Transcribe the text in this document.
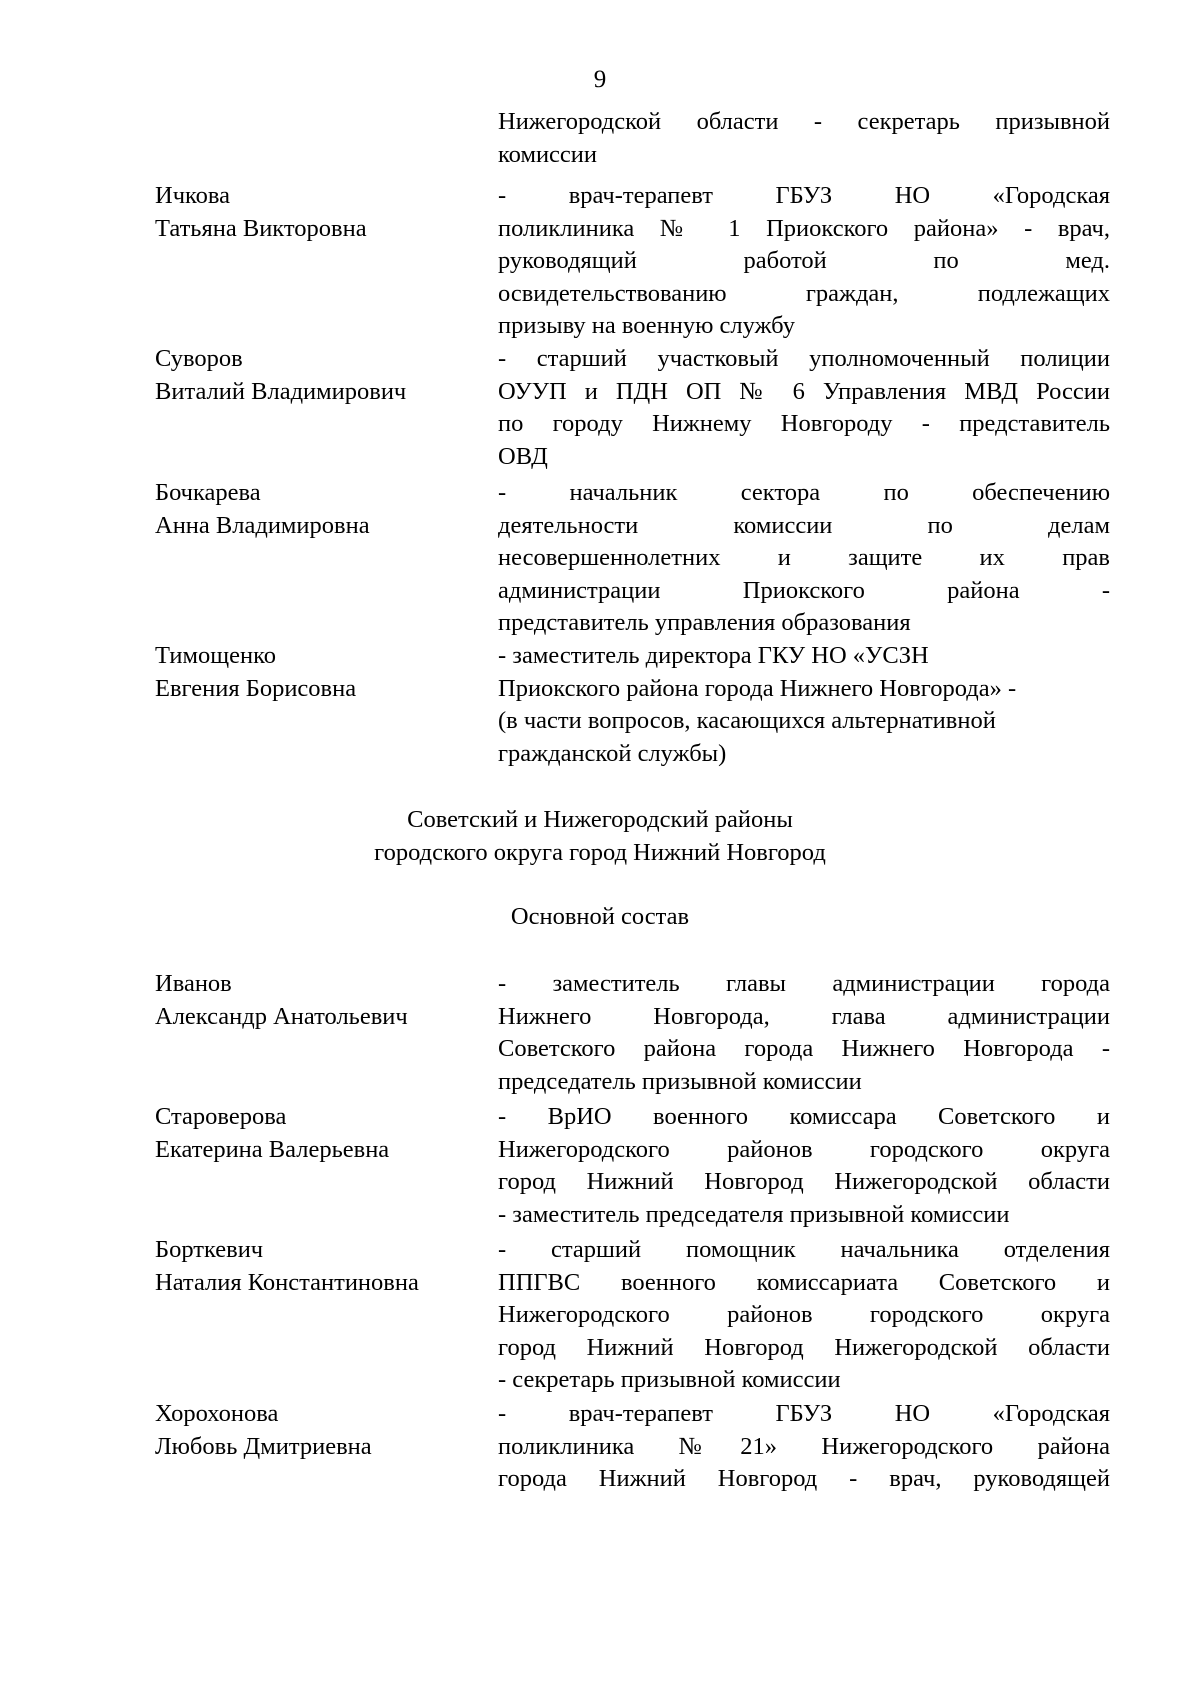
9
Нижегородской области - секретарь призывной
комиссии
Ичкова
Татьяна Викторовна
- врач-терапевт ГБУЗ НО «Городская
поликлиника № 1 Приокского района» - врач,
руководящий работой по мед.
освидетельствованию граждан, подлежащих
призыву на военную службу
Суворов
Виталий Владимирович
- старший участковый уполномоченный полиции
ОУУП и ПДН ОП № 6 Управления МВД России
по городу Нижнему Новгороду - представитель
ОВД
Бочкарева
Анна Владимировна
- начальник сектора по обеспечению
деятельности комиссии по делам
несовершеннолетних и защите их прав
администрации Приокского района -
представитель управления образования
Тимощенко
Евгения Борисовна
- заместитель директора ГКУ НО «УСЗН
Приокского района города Нижнего Новгорода» -
(в части вопросов, касающихся альтернативной
гражданской службы)
Советский и Нижегородский районы
городского округа город Нижний Новгород
Основной состав
Иванов
Александр Анатольевич
- заместитель главы администрации города
Нижнего Новгорода, глава администрации
Советского района города Нижнего Новгорода -
председатель призывной комиссии
Староверова
Екатерина Валерьевна
- ВрИО военного комиссара Советского и
Нижегородского районов городского округа
город Нижний Новгород Нижегородской области
- заместитель председателя призывной комиссии
Борткевич
Наталия Константиновна
- старший помощник начальника отделения
ППГВС военного комиссариата Советского и
Нижегородского районов городского округа
город Нижний Новгород Нижегородской области
- секретарь призывной комиссии
Хорохонова
Любовь Дмитриевна
- врач-терапевт ГБУЗ НО «Городская
поликлиника №21» Нижегородского района
города Нижний Новгород - врач, руководящей
